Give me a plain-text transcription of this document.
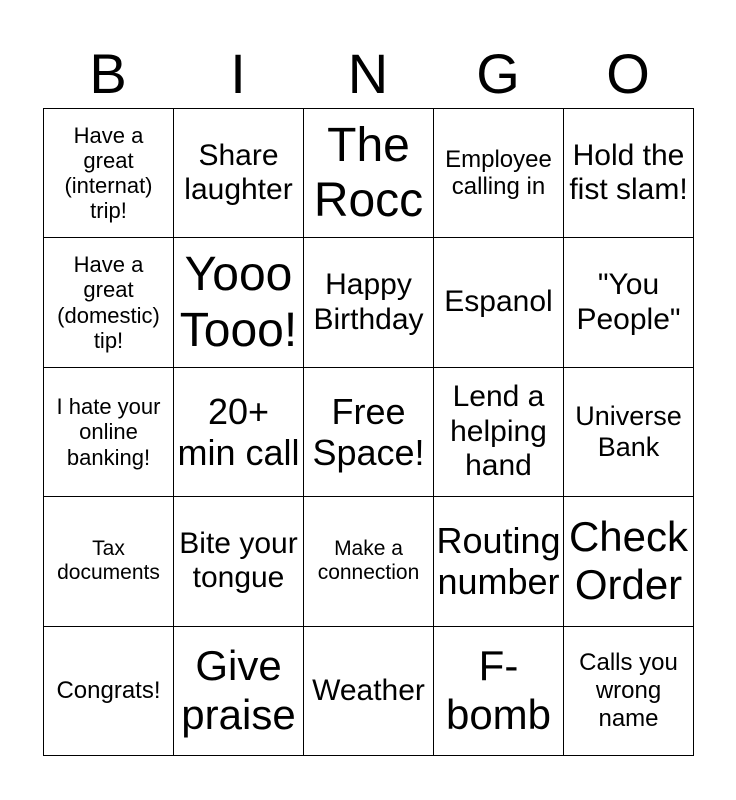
B	I	N	G	O
Have a great (internat) trip!	Share laughter	The Rocc	Employee calling in	Hold the fist slam!
Have a great (domestic) tip!	Yooo Tooo!	Happy Birthday	Espanol	"You People"
I hate your online banking!	20+ min call	Free Space!	Lend a helping hand	Universe Bank
Tax documents	Bite your tongue	Make a connection	Routing number	Check Order
Congrats!	Give praise	Weather	F-bomb	Calls you wrong name
